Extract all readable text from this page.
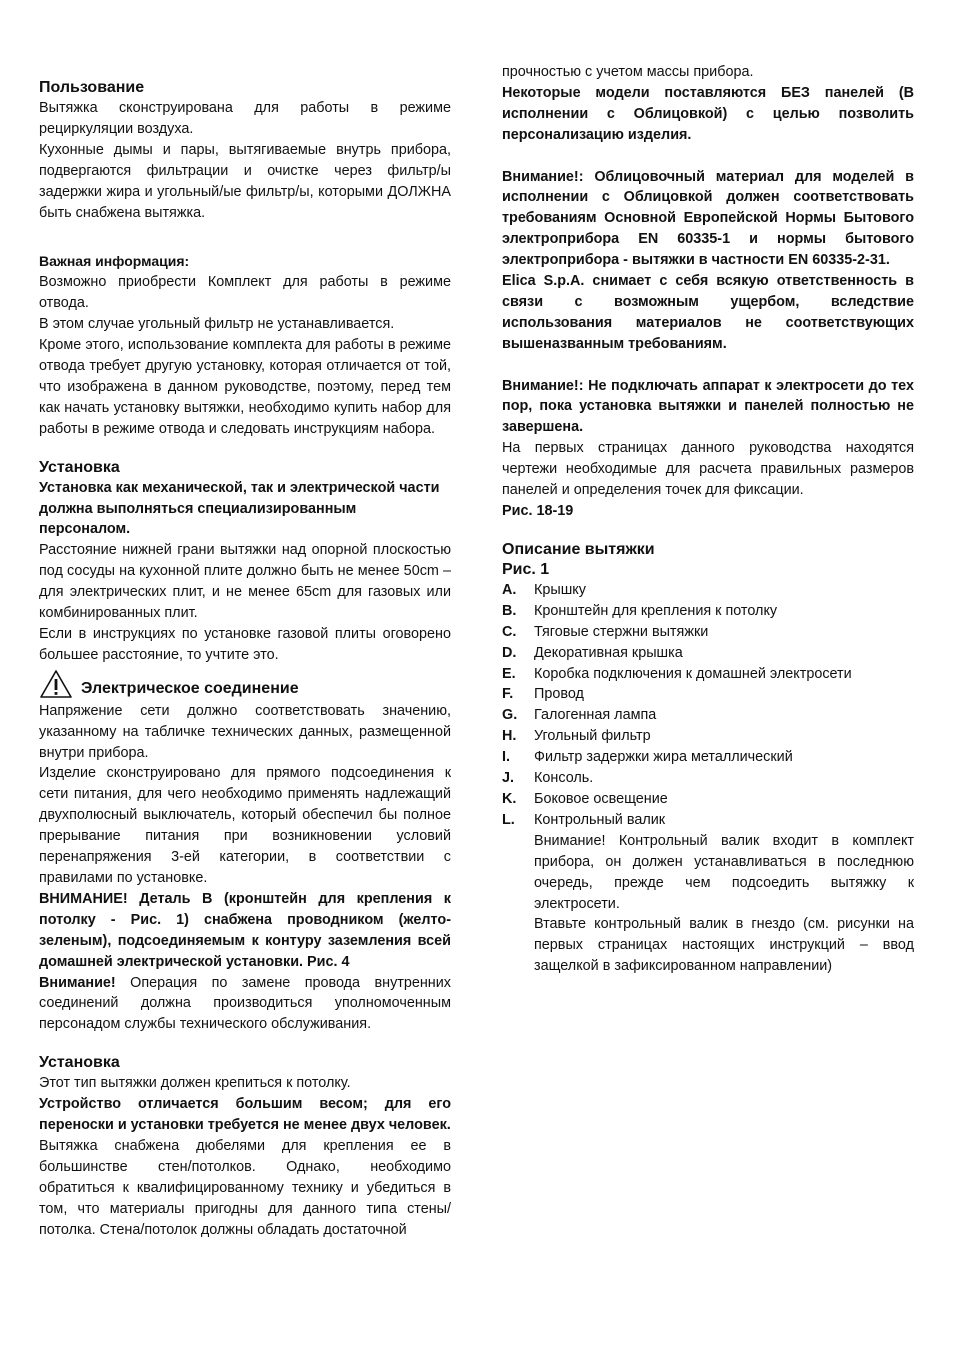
Пользование

Вытяжка сконструирована для работы в режиме рециркуляции воздуха.

Кухонные дымы и пары, вытягиваемые внутрь прибора, подвергаются фильтрации и очистке через фильтр/ы задержки жира и угольный/ые фильтр/ы, которыми ДОЛЖНА быть снабжена вытяжка.

Важная информация:

Возможно приобрести Комплект для работы в режиме отвода.

В этом случае угольный фильтр не устанавливается.

Кроме этого, использование комплекта для работы в режиме отвода требует другую установку, которая отличается от той, что изображена в данном руководстве, поэтому, перед тем как начать установку вытяжки, необходимо купить набор для работы в режиме отвода и следовать инструкциям набора.

Установка

Установка как механической, так и электрической части должна выполняться специализированным персоналом.

Расстояние нижней грани вытяжки над опорной плоскостью под сосуды на кухонной плите должно быть не менее 50cm – для электрических плит, и не менее 65cm для газовых или комбинированных плит.

Если в инструкциях по установке газовой плиты оговорено большее расстояние, то учтите это.

Электрическое соединение

Напряжение сети должно соответствовать значению, указанному на табличке технических данных, размещенной внутри прибора.

Изделие сконструировано для прямого подсоединения к сети питания, для чего необходимо применять надлежащий двухполюсный выключатель, который обеспечил бы полное прерывание питания при возникновении условий перенапряжения 3-ей категории, в соответствии с правилами по установке.

ВНИМАНИЕ! Деталь B (кронштейн для крепления к потолку - Рис. 1) снабжена проводником (желто-зеленым), подсоединяемым к контуру заземления всей домашней электрической установки. Рис. 4

Внимание! Операция по замене провода внутренних соединений должна производиться уполномоченным персонадом службы технического обслуживания.

Установка

Этот тип вытяжки должен крепиться к потолку.

Устройство отличается большим весом; для его переноски и установки требуется не менее двух человек.

Вытяжка снабжена дюбелями для крепления ее в большинстве стен/потолков. Однако, необходимо обратиться к квалифицированному технику и убедиться в том, что материалы пригодны для данного типа стены/ потолка. Стена/потолок должны обладать достаточной

прочностью с учетом массы прибора.

Некоторые модели поставляются БЕЗ панелей (В исполнении с Облицовкой) с целью позволить персонализацию изделия.

Внимание!: Облицовочный материал для моделей в исполнении с Облицовкой должен соответствовать требованиям Основной Европейской Нормы Бытового электроприбора EN 60335-1 и нормы бытового электроприбора - вытяжки в частности EN 60335-2-31.

Elica S.p.A. снимает с себя всякую ответственность в связи с возможным ущербом, вследствие использования материалов не соответствующих вышеназванным требованиям.

Внимание!: Не подключать аппарат к электросети до тех пор, пока установка вытяжки и панелей полностью не завершена.

На первых страницах данного руководства находятся чертежи необходимые для расчета правильных размеров панелей и определения точек для фиксации.

Рис. 18-19

Описание вытяжки
Рис. 1
A.	Крышку
B.	Кронштейн для крепления к потолку
C.	Тяговые стержни вытяжки
D.	Декоративная крышка
E.	Коробка подключения к домашней электросети
F.	Провод
G.	Галогенная лампа
H.	Угольный фильтр
I.	Фильтр задержки жира металлический
J.	Консоль.
K.	Боковое освещение
L.	Контрольный валик

Внимание! Контрольный валик входит в комплект прибора, он должен устанавливаться в последнюю очередь, прежде чем подсоедить вытяжку к электросети.

Втавьте контрольный валик в гнездо (см. рисунки на первых страницах настоящих инструкций – ввод защелкой в зафиксированном направлении)
